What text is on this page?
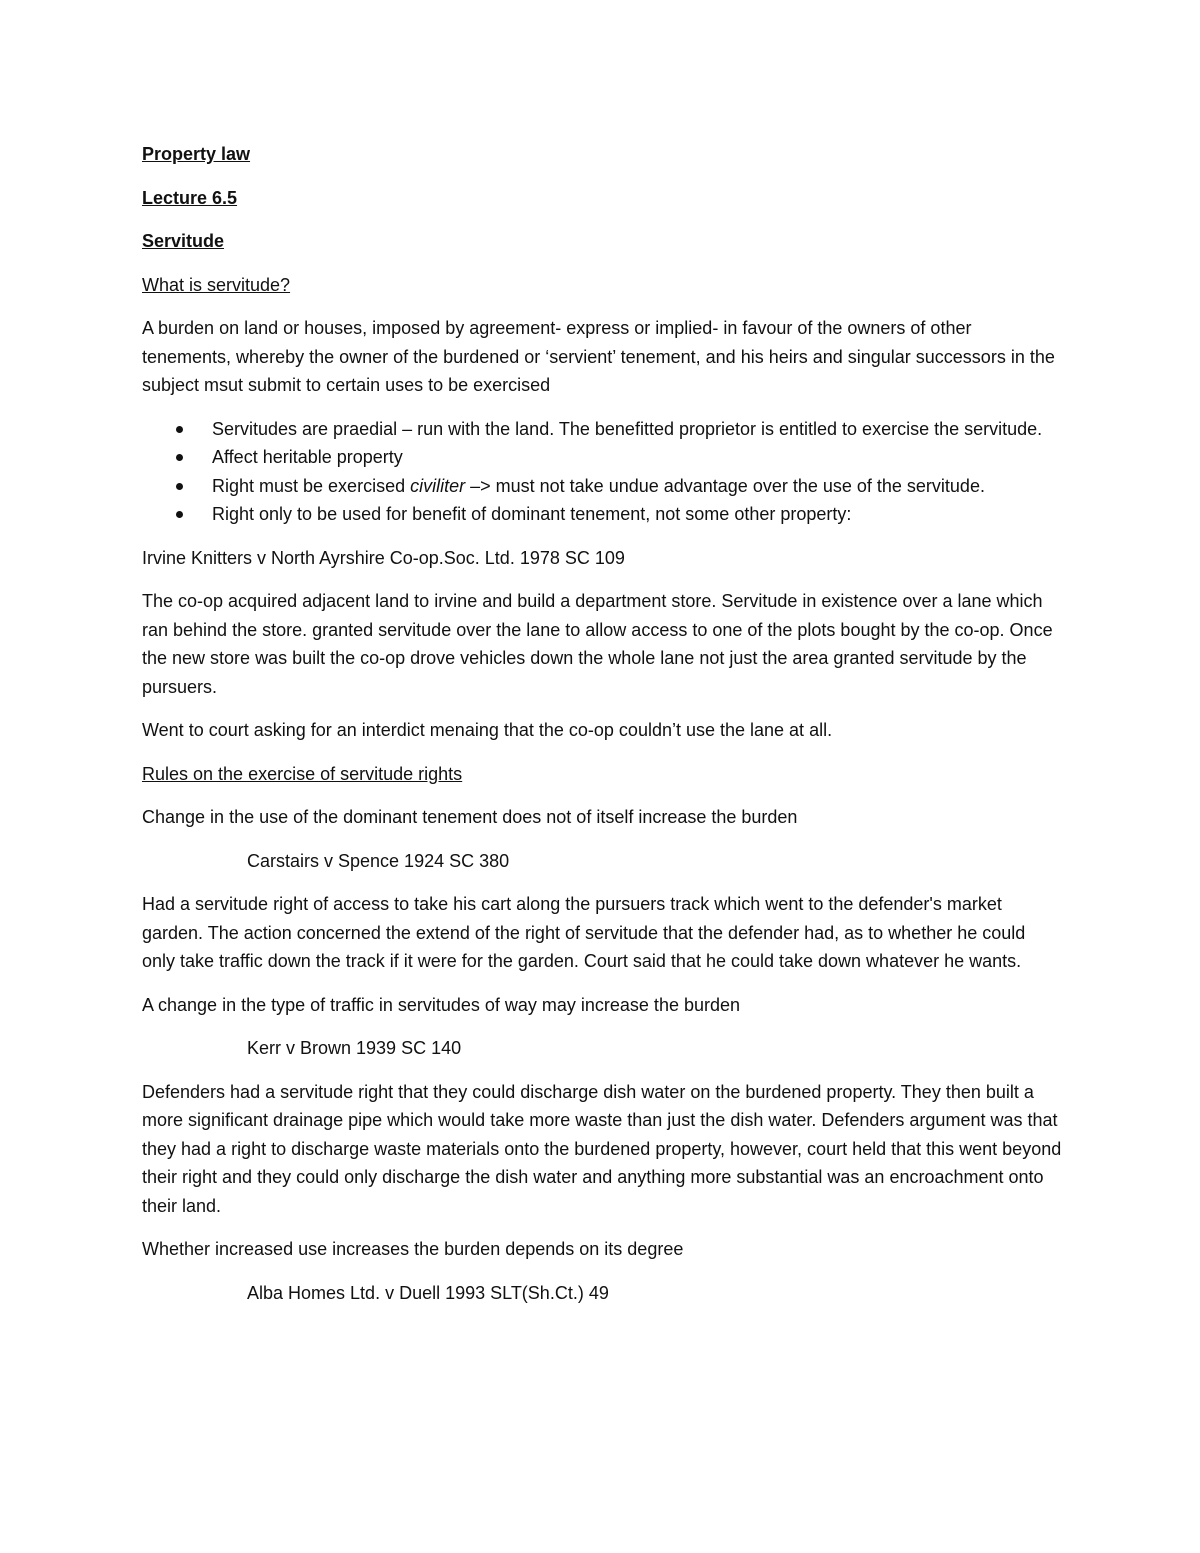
Property law
Lecture 6.5
Servitude
What is servitude?

A burden on land or houses, imposed by agreement- express or implied- in favour of the owners of other tenements, whereby the owner of the burdened or ‘servient’ tenement, and his heirs and singular successors in the subject msut submit to certain uses to be exercised

Servitudes are praedial – run with the land. The benefitted proprietor is entitled to exercise the servitude.
Affect heritable property
Right must be exercised civiliter –> must not take undue advantage over the use of the servitude.
Right only to be used for benefit of dominant tenement, not some other property:

Irvine Knitters v North Ayrshire Co-op.Soc. Ltd. 1978 SC 109

The co-op acquired adjacent land to irvine and build a department store. Servitude in existence over a lane which ran behind the store. granted servitude over the lane to allow access to one of the plots bought by the co-op. Once the new store was built the co-op drove vehicles down the whole lane not just the area granted servitude by the pursuers.

Went to court asking for an interdict menaing that the co-op couldn’t use the lane at all.

Rules on the exercise of servitude rights

Change in the use of the dominant tenement does not of itself increase the burden

Carstairs v Spence 1924 SC 380

Had a servitude right of access to take his cart along the pursuers track which went to the defender's market garden. The action concerned the extend of the right of servitude that the defender had, as to whether he could only take traffic down the track if it were for the garden. Court said that he could take down whatever he wants.

A change in the type of traffic in servitudes of way may increase the burden

Kerr v Brown 1939 SC 140

Defenders had a servitude right that they could discharge dish water on the burdened property. They then built a more significant drainage pipe which would take more waste than just the dish water. Defenders argument was that they had a right to discharge waste materials onto the burdened property, however, court held that this went beyond their right and they could only discharge the dish water and anything more substantial was an encroachment onto their land.

Whether increased use increases the burden depends on its degree

Alba Homes Ltd. v Duell 1993 SLT(Sh.Ct.) 49
